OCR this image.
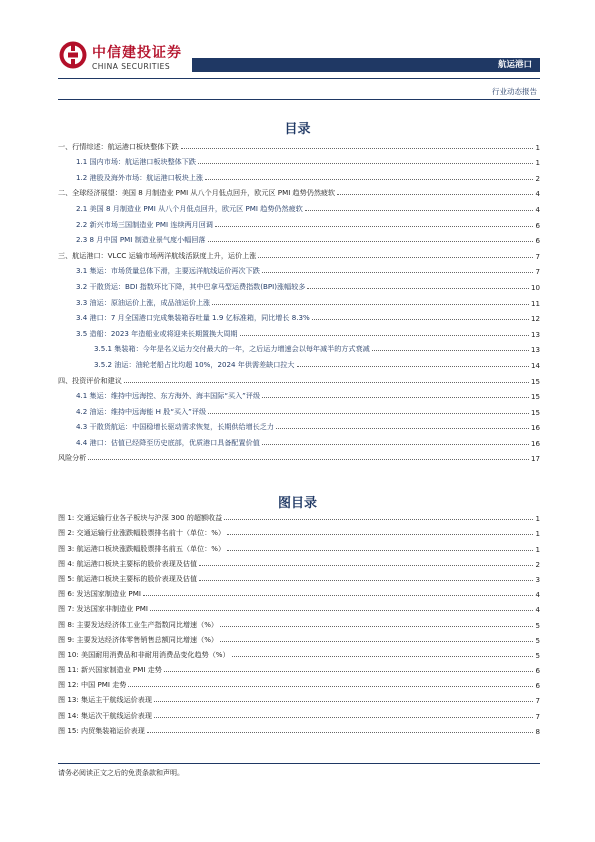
中信建投证券
CHINA SECURITIES	航运港口
行业动态报告
目录
一、行情综述：航运港口板块整体下跌	1
1.1 国内市场：航运港口板块整体下跌	1
1.2 港股及海外市场：航运港口板块上涨	2
二、全球经济展望：美国 8 月制造业 PMI 从八个月低点回升，欧元区 PMI 趋势仍然疲软	4
2.1 美国 8 月制造业 PMI 从八个月低点回升，欧元区 PMI 趋势仍然疲软	4
2.2 新兴市场三国制造业 PMI 连续两月回调	6
2.3 8 月中国 PMI 制造业景气度小幅回落	6
三、航运港口：VLCC 运输市场两洋航线活跃度上升，运价上涨	7
3.1 集运：市场货量总体下滑，主要远洋航线运价再次下跌	7
3.2 干散货运：BDI 指数环比下降，其中巴拿马型运费指数(BPI)涨幅较多	10
3.3 油运：原油运价上涨，成品油运价上涨	11
3.4 港口：7 月全国港口完成集装箱吞吐量 1.9 亿标准箱，同比增长 8.3%	12
3.5 造船：2023 年造船业或将迎来长期置换大周期	13
3.5.1 集装箱：今年是名义运力交付最大的一年，之后运力增速会以每年减半的方式衰减	13
3.5.2 油运：油轮老船占比均超 10%，2024 年供需差缺口拉大	14
四、投资评价和建议	15
4.1 集运：维持中远海控、东方海外、海丰国际“买入”评级	15
4.2 油运：维持中远海能 H 股“买入”评级	15
4.3 干散货航运：中国稳增长驱动需求恢复，长期供给增长乏力	16
4.4 港口：估值已经降至历史底部，优质港口具备配置价值	16
风险分析	17
图目录
图 1: 交通运输行业各子板块与沪深 300 的超额收益	1
图 2: 交通运输行业涨跌幅股票排名前十（单位：%）	1
图 3: 航运港口板块涨跌幅股票排名前五（单位：%）	1
图 4: 航运港口板块主要标的股价表现及估值	2
图 5: 航运港口板块主要标的股价表现及估值	3
图 6: 发达国家制造业 PMI	4
图 7: 发达国家非制造业 PMI	4
图 8: 主要发达经济体工业生产指数同比增速（%）	5
图 9: 主要发达经济体零售销售总额同比增速（%）	5
图 10: 美国耐用消费品和非耐用消费品变化趋势（%）	5
图 11: 新兴国家制造业 PMI 走势	6
图 12: 中国 PMI 走势	6
图 13: 集运主干航线运价表现	7
图 14: 集运次干航线运价表现	7
图 15: 内贸集装箱运价表现	8
请务必阅读正文之后的免责条款和声明。
